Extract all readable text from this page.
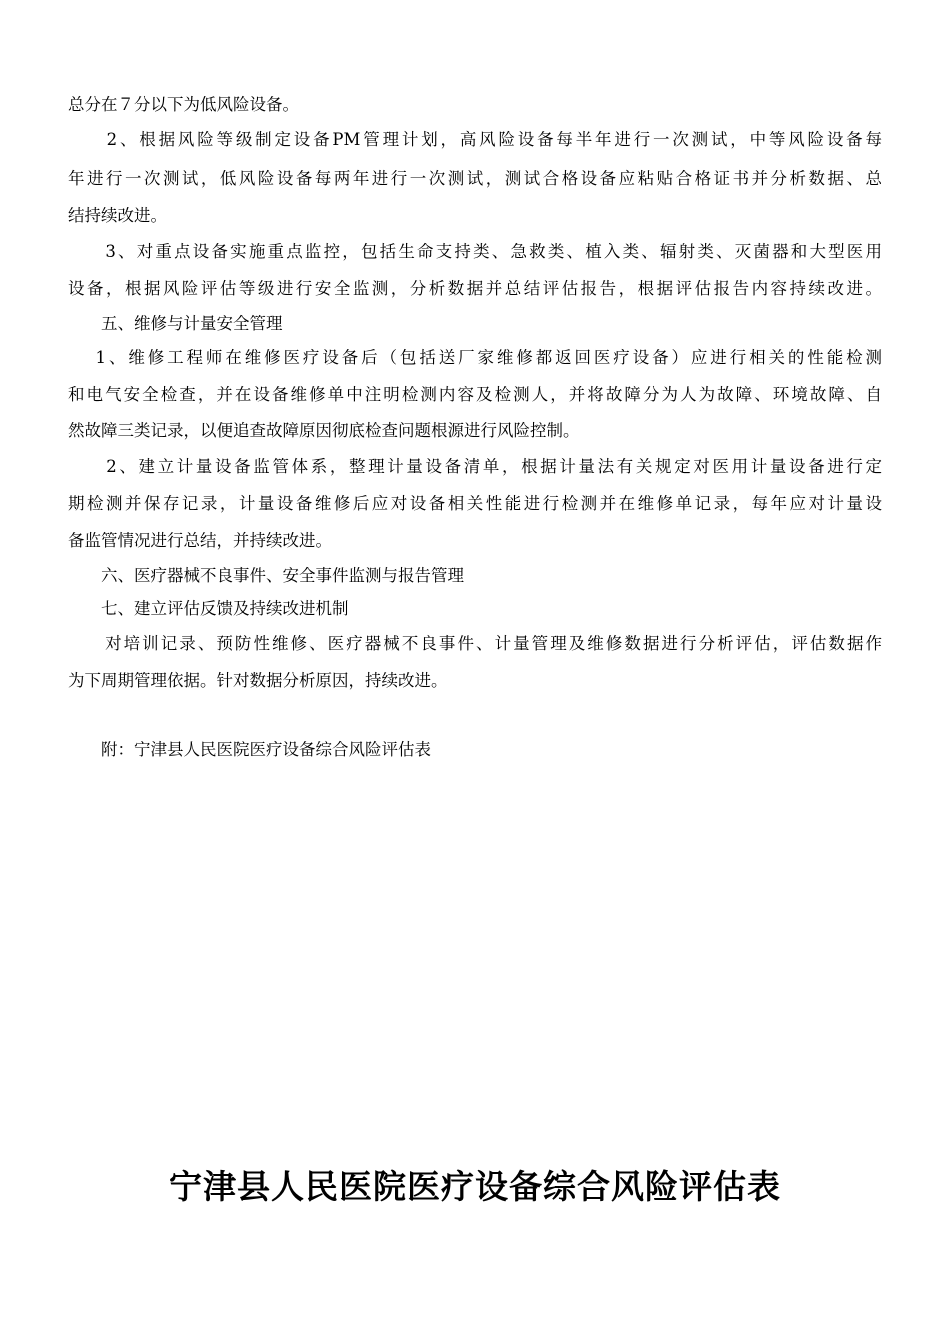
总分在７分以下为低风险设备。
　　2、根据风险等级制定设备PM管理计划，高风险设备每半年进行一次测试，中等风险设备每
年进行一次测试，低风险设备每两年进行一次测试，测试合格设备应粘贴合格证书并分析数据、总
结持续改进。
　　3、对重点设备实施重点监控，包括生命支持类、急救类、植入类、辐射类、灭菌器和大型医用
设备，根据风险评估等级进行安全监测，分析数据并总结评估报告，根据评估报告内容持续改进。
　　五、维修与计量安全管理
　 1、维修工程师在维修医疗设备后（包括送厂家维修都返回医疗设备）应进行相关的性能检测
和电气安全检查，并在设备维修单中注明检测内容及检测人，并将故障分为人为故障、环境故障、自
然故障三类记录，以便追查故障原因彻底检查问题根源进行风险控制。
　　2、建立计量设备监管体系，整理计量设备清单，根据计量法有关规定对医用计量设备进行定
期检测并保存记录，计量设备维修后应对设备相关性能进行检测并在维修单记录，每年应对计量设
备监管情况进行总结，并持续改进。
　　六、医疗器械不良事件、安全事件监测与报告管理
　　七、建立评估反馈及持续改进机制
　　对培训记录、预防性维修、医疗器械不良事件、计量管理及维修数据进行分析评估，评估数据作
为下周期管理依据。针对数据分析原因，持续改进。
　　附：宁津县人民医院医疗设备综合风险评估表
宁津县人民医院医疗设备综合风险评估表
